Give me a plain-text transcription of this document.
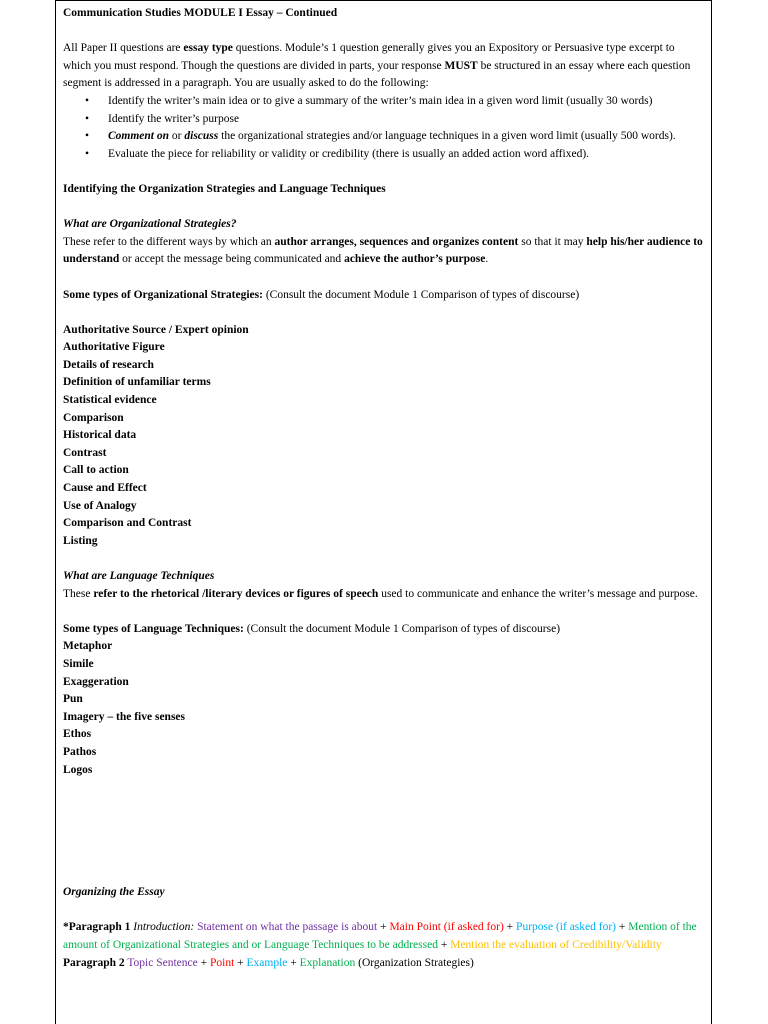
Communication Studies MODULE I Essay – Continued

All Paper II questions are essay type questions. Module’s 1 question generally gives you an Expository or Persuasive type excerpt to which you must respond. Though the questions are divided in parts, your response MUST be structured in an essay where each question segment is addressed in a paragraph. You are usually asked to do the following:

• Identify the writer’s main idea or to give a summary of the writer’s main idea in a given word limit (usually 30 words)
• Identify the writer’s purpose
• Comment on or discuss the organizational strategies and/or language techniques in a given word limit (usually 500 words).
• Evaluate the piece for reliability or validity or credibility (there is usually an added action word affixed).

Identifying the Organization Strategies and Language Techniques

What are Organizational Strategies?

These refer to the different ways by which an author arranges, sequences and organizes content so that it may help his/her audience to understand or accept the message being communicated and achieve the author’s purpose.

Some types of Organizational Strategies: (Consult the document Module 1 Comparison of types of discourse)

Authoritative Source / Expert opinion

Authoritative Figure

Details of research

Definition of unfamiliar terms

Statistical evidence

Comparison

Historical data

Contrast

Call to action

Cause and Effect

Use of Analogy

Comparison and Contrast

Listing

What are Language Techniques

These refer to the rhetorical /literary devices or figures of speech used to communicate and enhance the writer’s message and purpose.

Some types of Language Techniques: (Consult the document Module 1 Comparison of types of discourse)

Metaphor

Simile

Exaggeration

Pun

Imagery – the five senses

Ethos

Pathos

Logos

Organizing the Essay

*Paragraph 1 Introduction: Statement on what the passage is about + Main Point (if asked for) + Purpose (if asked for) + Mention of the amount of Organizational Strategies and or Language Techniques to be addressed + Mention the evaluation of Credibility/Validity

Paragraph 2 Topic Sentence + Point + Example + Explanation (Organization Strategies)
